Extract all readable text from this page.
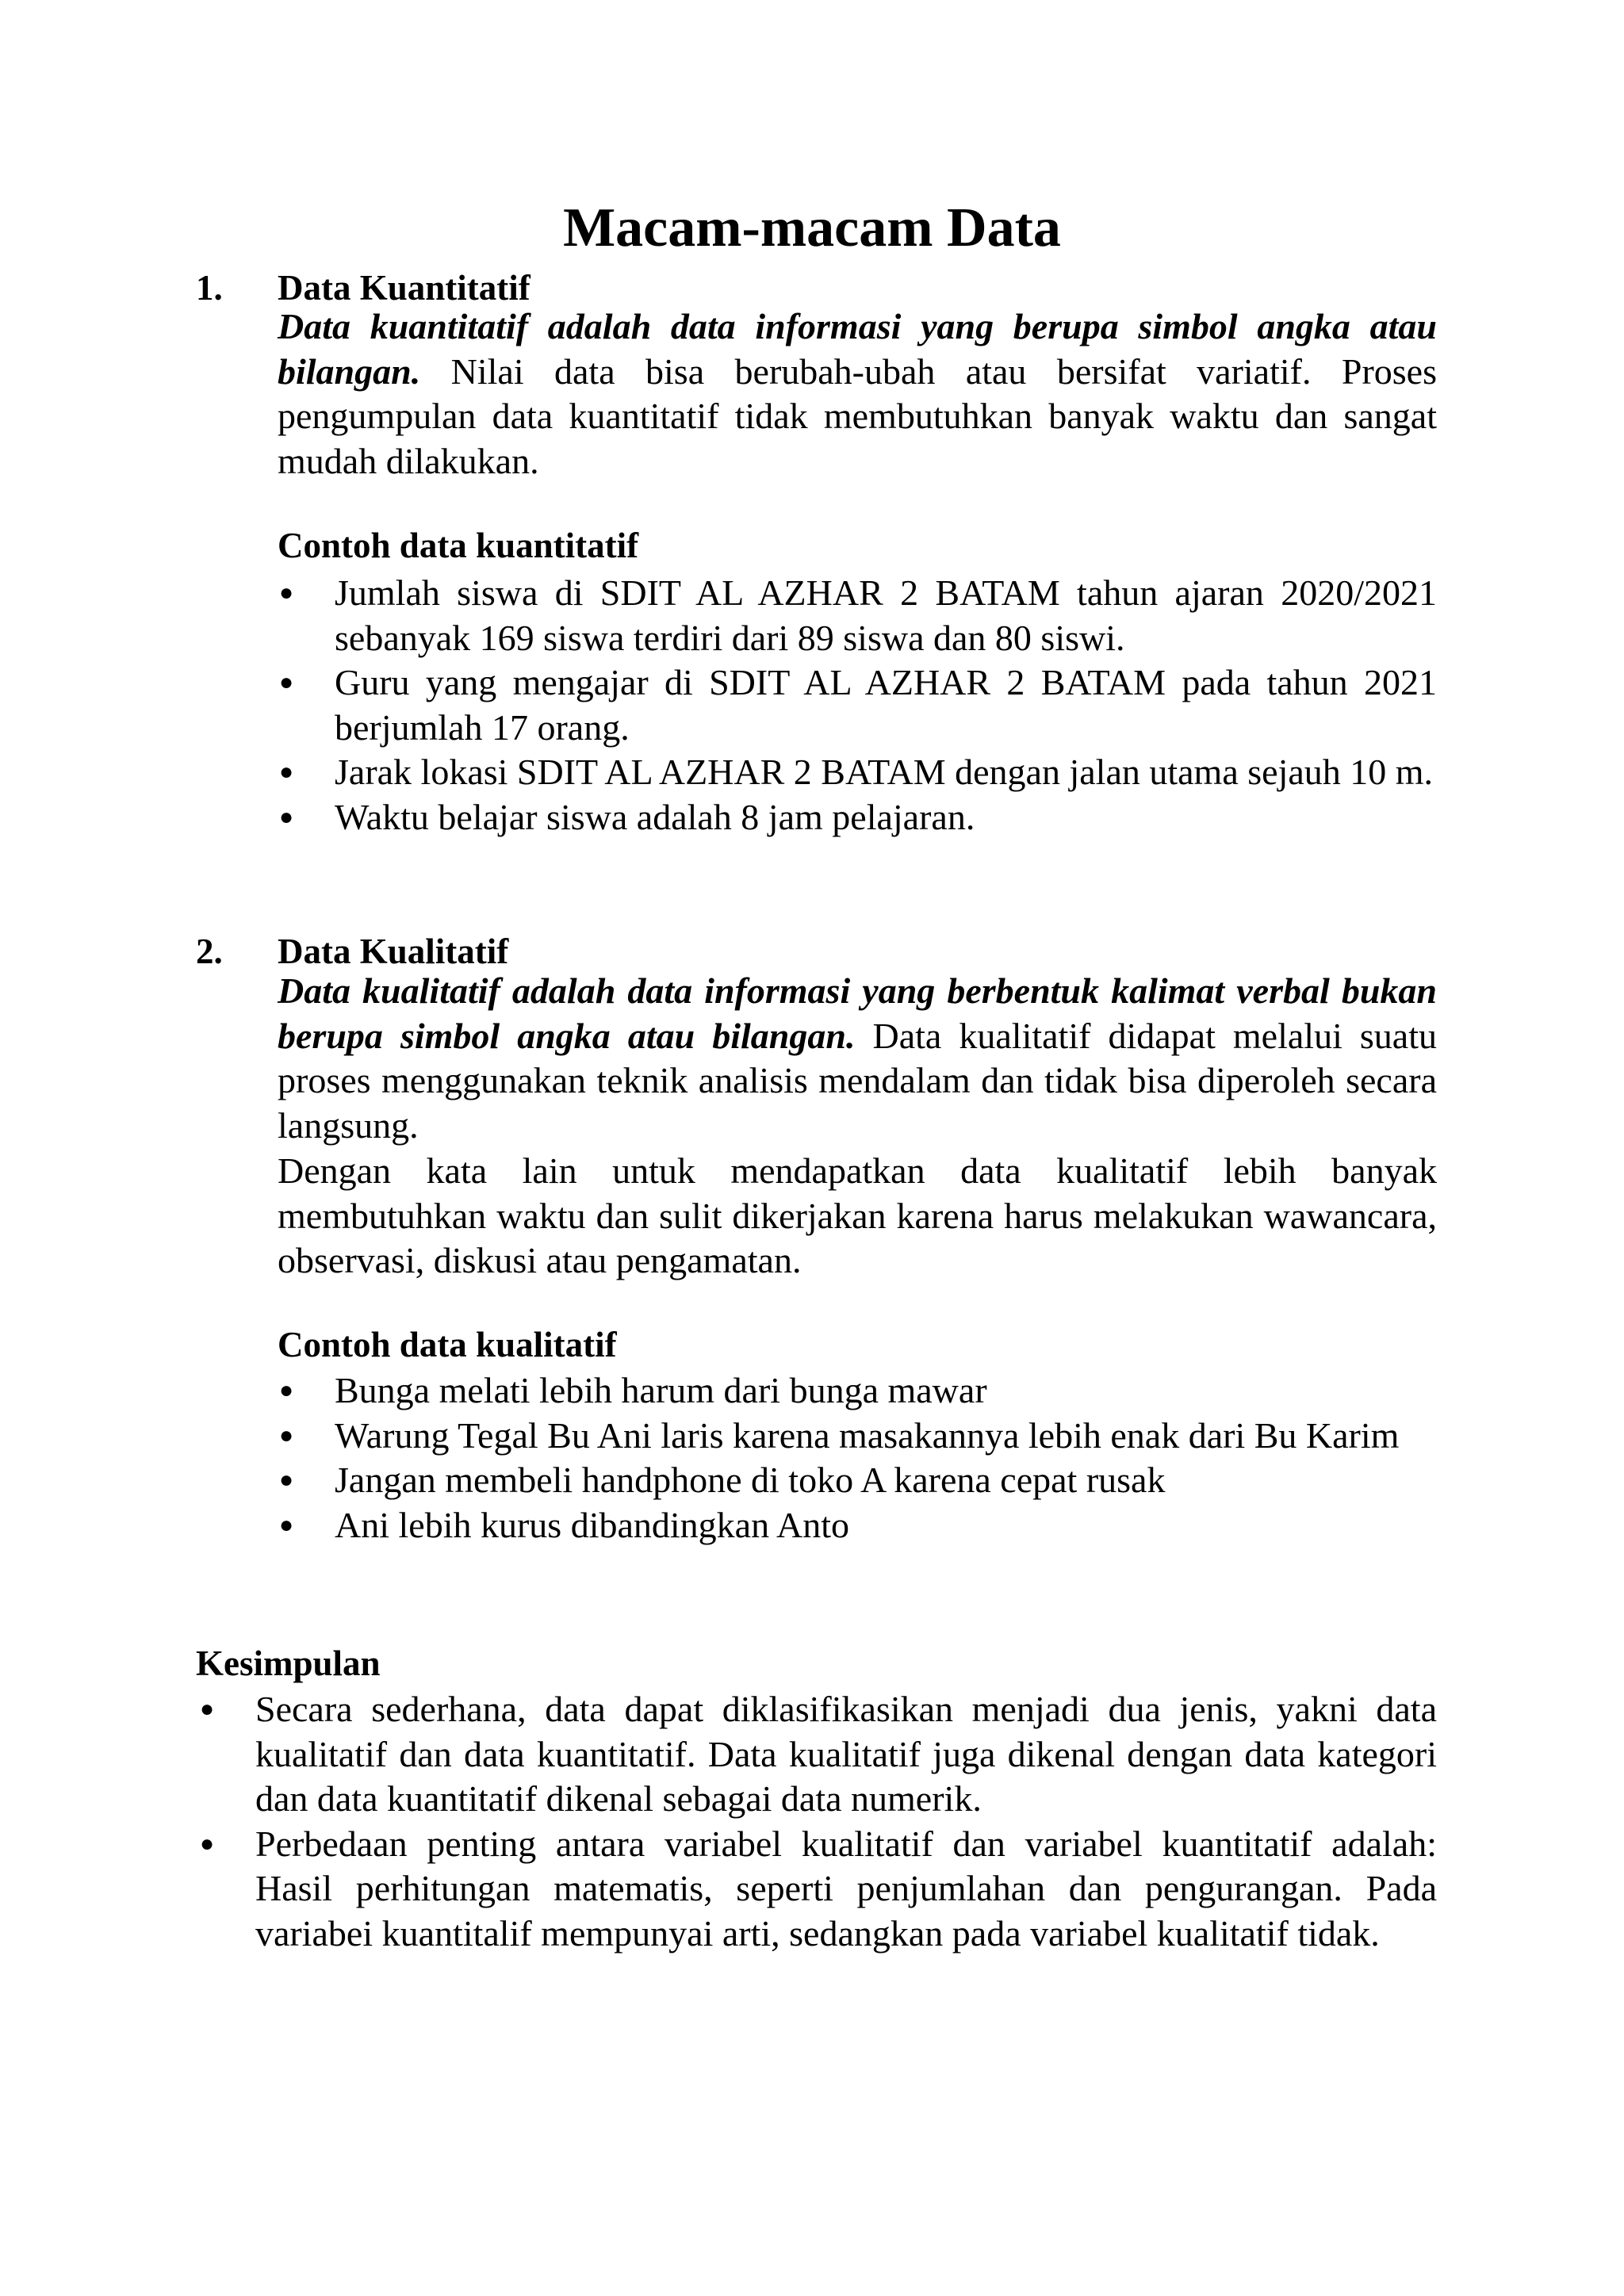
Macam-macam Data
1. Data Kuantitatif

Data kuantitatif adalah data informasi yang berupa simbol angka atau bilangan. Nilai data bisa berubah-ubah atau bersifat variatif. Proses pengumpulan data kuantitatif tidak membutuhkan banyak waktu dan sangat mudah dilakukan.

Contoh data kuantitatif
● Jumlah siswa di SDIT AL AZHAR 2 BATAM tahun ajaran 2020/2021 sebanyak 169 siswa terdiri dari 89 siswa dan 80 siswi.
● Guru yang mengajar di SDIT AL AZHAR 2 BATAM pada tahun 2021 berjumlah 17 orang.
● Jarak lokasi SDIT AL AZHAR 2 BATAM dengan jalan utama sejauh 10 m.
● Waktu belajar siswa adalah 8 jam pelajaran.
2. Data Kualitatif

Data kualitatif adalah data informasi yang berbentuk kalimat verbal bukan berupa simbol angka atau bilangan. Data kualitatif didapat melalui suatu proses menggunakan teknik analisis mendalam dan tidak bisa diperoleh secara langsung.

Dengan kata lain untuk mendapatkan data kualitatif lebih banyak membutuhkan waktu dan sulit dikerjakan karena harus melakukan wawancara, observasi, diskusi atau pengamatan.

Contoh data kualitatif
● Bunga melati lebih harum dari bunga mawar
● Warung Tegal Bu Ani laris karena masakannya lebih enak dari Bu Karim
● Jangan membeli handphone di toko A karena cepat rusak
● Ani lebih kurus dibandingkan Anto
Kesimpulan
● Secara sederhana, data dapat diklasifikasikan menjadi dua jenis, yakni data kualitatif dan data kuantitatif. Data kualitatif juga dikenal dengan data kategori dan data kuantitatif dikenal sebagai data numerik.
● Perbedaan penting antara variabel kualitatif dan variabel kuantitatif adalah: Hasil perhitungan matematis, seperti penjumlahan dan pengurangan. Pada variabei kuantitalif mempunyai arti, sedangkan pada variabel kualitatif tidak.
